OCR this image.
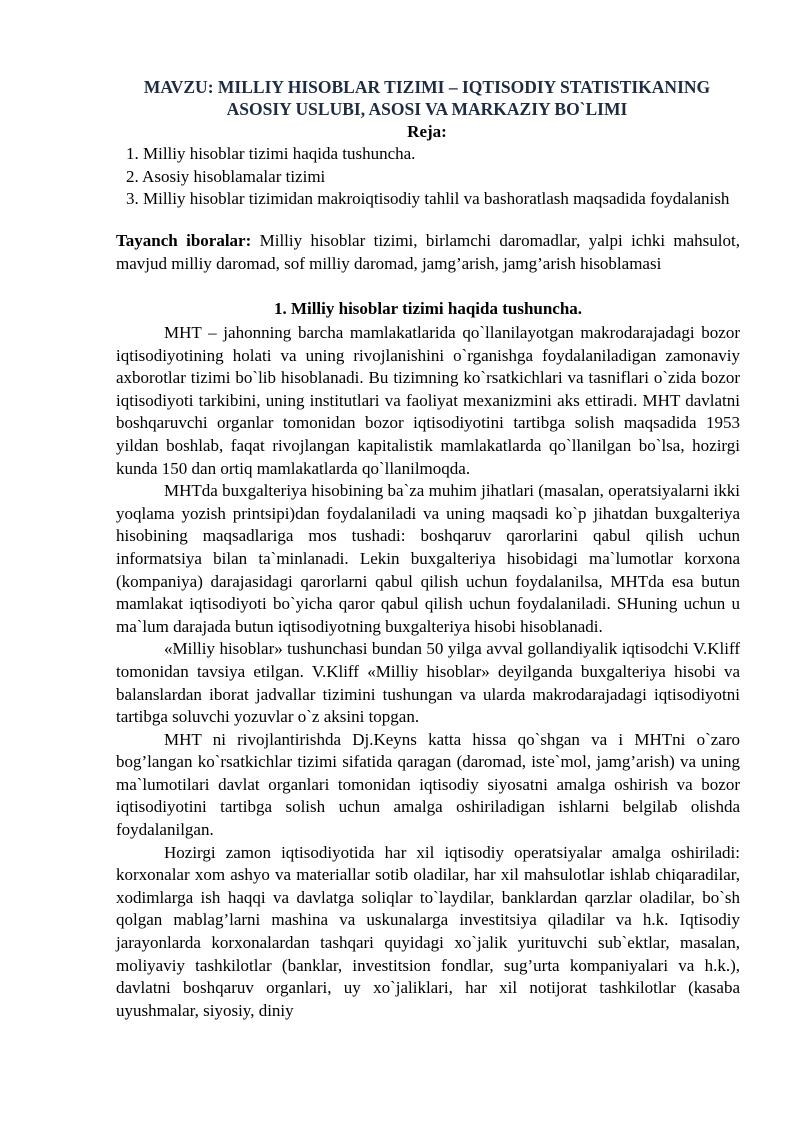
MAVZU: MILLIY HISOBLAR TIZIMI – IQTISODIY STATISTIKANING
ASOSIY USLUBI, ASOSI VA MARKAZIY BO`LIMI
Reja:
1. Milliy hisoblar tizimi haqida tushuncha.
2. Asosiy hisoblamalar tizimi
3. Milliy hisoblar tizimidan makroiqtisodiy tahlil va bashoratlash maqsadida foydalanish
Tayanch iboralar: Milliy hisoblar tizimi, birlamchi daromadlar, yalpi ichki mahsulot, mavjud milliy daromad, sof milliy daromad, jamg’arish, jamg’arish hisoblamasi
1. Milliy hisoblar tizimi haqida tushuncha.

MHT – jahonning barcha mamlakatlarida qo`llanilayotgan makrodarajadagi bozor iqtisodiyotining holati va uning rivojlanishini o`rganishga foydalaniladigan zamonaviy axborotlar tizimi bo`lib hisoblanadi. Bu tizimning ko`rsatkichlari va tasniflari o`zida bozor iqtisodiyoti tarkibini, uning institutlari va faoliyat mexanizmini aks ettiradi. MHT davlatni boshqaruvchi organlar tomonidan bozor iqtisodiyotini tartibga solish maqsadida 1953 yildan boshlab, faqat rivojlangan kapitalistik mamlakatlarda qo`llanilgan bo`lsa, hozirgi kunda 150 dan ortiq mamlakatlarda qo`llanilmoqda.

MHTda buxgalteriya hisobining ba`za muhim jihatlari (masalan, operatsiyalarni ikki yoqlama yozish printsipi)dan foydalaniladi va uning maqsadi ko`p jihatdan buxgalteriya hisobining maqsadlariga mos tushadi: boshqaruv qarorlarini qabul qilish uchun informatsiya bilan ta`minlanadi. Lekin buxgalteriya hisobidagi ma`lumotlar korxona (kompaniya) darajasidagi qarorlarni qabul qilish uchun foydalanilsa, MHTda esa butun mamlakat iqtisodiyoti bo`yicha qaror qabul qilish uchun foydalaniladi. SHuning uchun u ma`lum darajada butun iqtisodiyotning buxgalteriya hisobi hisoblanadi.

«Milliy hisoblar» tushunchasi bundan 50 yilga avval gollandiyalik iqtisodchi V.Kliff tomonidan tavsiya etilgan. V.Kliff «Milliy hisoblar» deyilganda buxgalteriya hisobi va balanslardan iborat jadvallar tizimini tushungan va ularda makrodarajadagi iqtisodiyotni tartibga soluvchi yozuvlar o`z aksini topgan.

MHT ni rivojlantirishda Dj.Keyns katta hissa qo`shgan va i MHTni o`zaro bog’langan ko`rsatkichlar tizimi sifatida qaragan (daromad, iste`mol, jamg’arish) va uning ma`lumotilari davlat organlari tomonidan iqtisodiy siyosatni amalga oshirish va bozor iqtisodiyotini tartibga solish uchun amalga oshiriladigan ishlarni belgilab olishda foydalanilgan.

Hozirgi zamon iqtisodiyotida har xil iqtisodiy operatsiyalar amalga oshiriladi: korxonalar xom ashyo va materiallar sotib oladilar, har xil mahsulotlar ishlab chiqaradilar, xodimlarga ish haqqi va davlatga soliqlar to`laydilar, banklardan qarzlar oladilar, bo`sh qolgan mablag’larni mashina va uskunalarga investitsiya qiladilar va h.k. Iqtisodiy jarayonlarda korxonalardan tashqari quyidagi xo`jalik yurituvchi sub`ektlar, masalan, moliyaviy tashkilotlar (banklar, investitsion fondlar, sug’urta kompaniyalari va h.k.), davlatni boshqaruv organlari, uy xo`jaliklari, har xil notijorat tashkilotlar (kasaba uyushmalar, siyosiy, diniy
